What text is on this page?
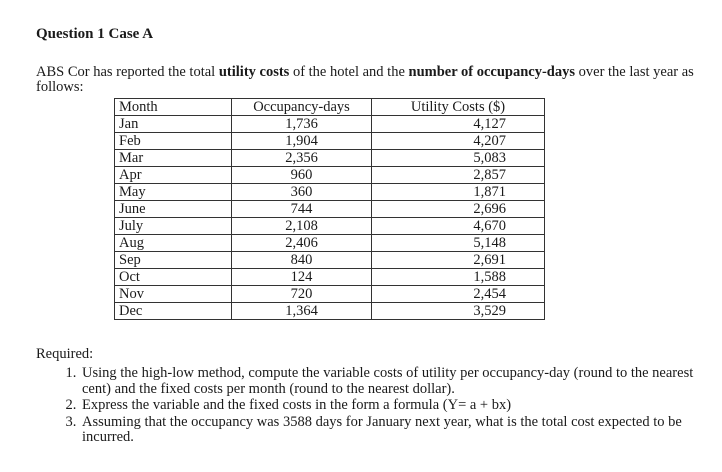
Question 1 Case A

ABS Cor has reported the total utility costs of the hotel and the number of occupancy-days over the last year as follows:

Month	Occupancy-days	Utility Costs ($)
Jan	1,736	4,127
Feb	1,904	4,207
Mar	2,356	5,083
Apr	960	2,857
May	360	1,871
June	744	2,696
July	2,108	4,670
Aug	2,406	5,148
Sep	840	2,691
Oct	124	1,588
Nov	720	2,454
Dec	1,364	3,529

Required:

1. Using the high-low method, compute the variable costs of utility per occupancy-day (round to the nearest cent) and the fixed costs per month (round to the nearest dollar).
2. Express the variable and the fixed costs in the form a formula (Y= a + bx)
3. Assuming that the occupancy was 3588 days for January next year, what is the total cost expected to be incurred.
